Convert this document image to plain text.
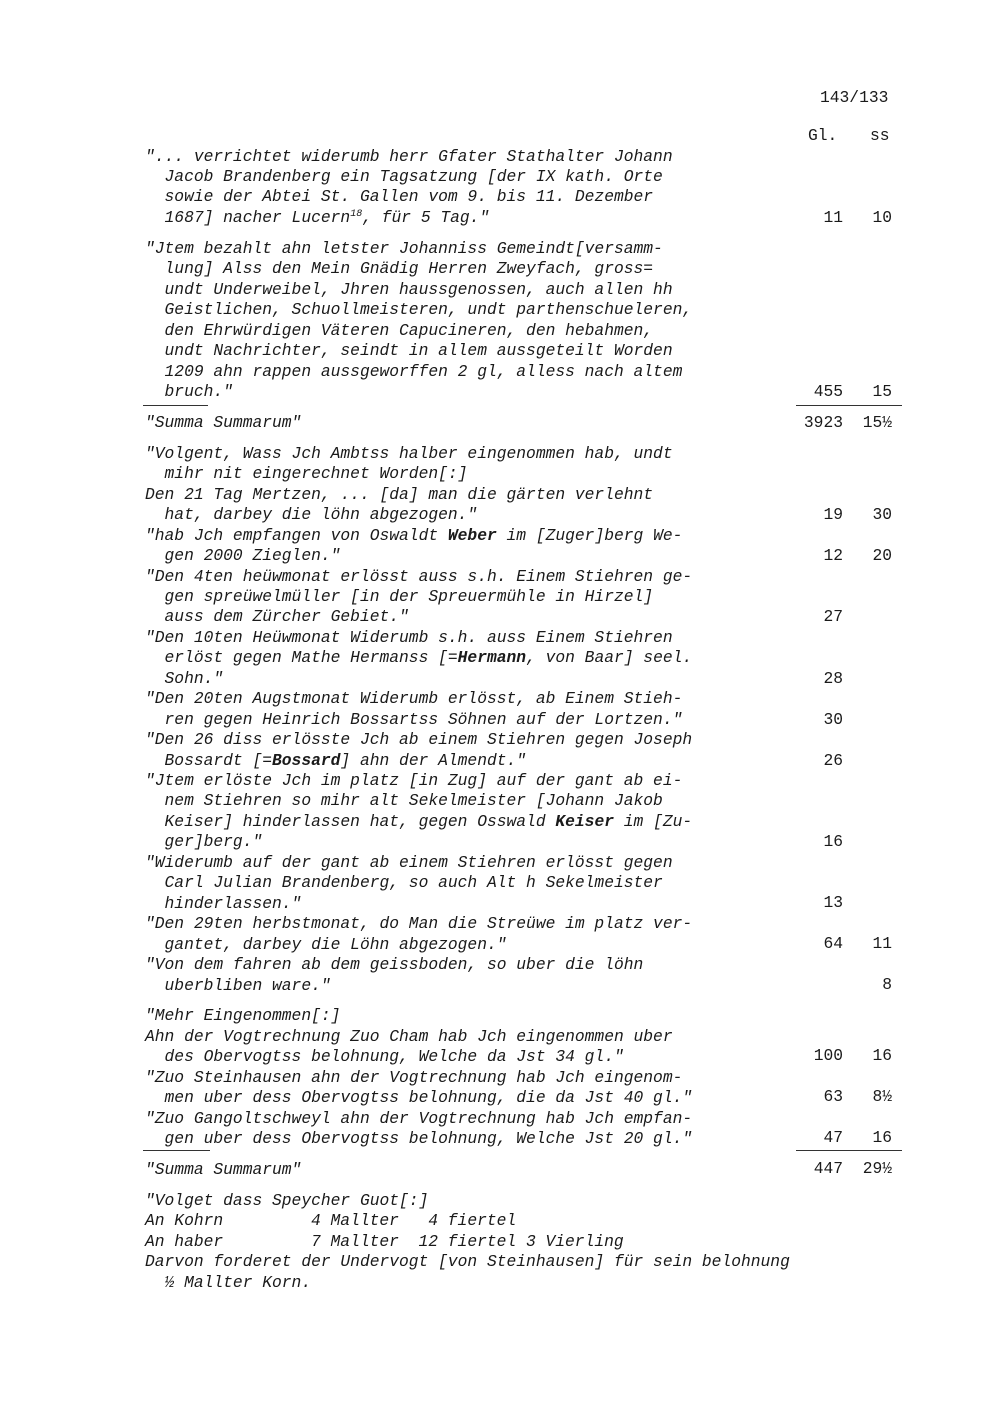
143/133
Gl. ss
"... verrichtet widerumb herr Gfater Stathalter Johann
Jacob Brandenberg ein Tagsatzung [der IX kath. Orte
sowie der Abtei St. Gallen vom 9. bis 11. Dezember
1687] nacher Lucern$^{18}$, für 5 Tag."
"Jtem bezahlt ahn letster Johanniss Gemeindt[versamm-
lung] Alss den Mein Gnädig Herren Zweyfach, gross=
undt Underweibel, Jhren haussgenossen, auch allen hh
Geistlichen, Schuollmeisteren, undt parthenschueleren,
den Ehrwürdigen Väteren Capucineren, den hebahmen,
undt Nachrichter, seindt in allem aussgeteilt Worden
1209 ahn rappen aussgeworffen 2 gl, alless nach altem
bruch."
"Summa Summarum"
"Volgent, Wass Jch Ambtss halber eingenommen hab, undt
mihr nit eingerechnet Worden[:]
Den 21 Tag Mertzen, ... [da] man die gärten verlehnt
hat, darbey die löhn abgezogen."
"hab Jch empfangen von Oswaldt Weber im [Zuger]berg We-
gen 2000 Zieglen."
"Den 4ten heüwmonat erlösst auss s.h. Einem Stiehren ge-
gen spreüwelmüller [in der Spreuermühle in Hirzel]
auss dem Zürcher Gebiet."
"Den 10ten Heüwmonat Widerumb s.h. auss Einem Stiehren
erlöst gegen Mathe Hermanss [=Hermann, von Baar] seel.
Sohn."
"Den 20ten Augstmonat Widerumb erlösst, ab Einem Stieh-
ren gegen Heinrich Bossartss Söhnen auf der Lortzen."
"Den 26 diss erlösste Jch ab einem Stiehren gegen Joseph
Bossardt [=Bossard] ahn der Almendt."
"Jtem erlöste Jch im platz [in Zug] auf der gant ab ei-
nem Stiehren so mihr alt Sekelmeister [Johann Jakob
Keiser] hinderlassen hat, gegen Osswald Keiser im [Zu-
ger]berg."
"Widerumb auf der gant ab einem Stiehren erlösst gegen
Carl Julian Brandenberg, so auch Alt h Sekelmeister
hinderlassen."
"Den 29ten herbstmonat, do Man die Streüwe im platz ver-
gantet, darbey die Löhn abgezogen."
"Von dem fahren ab dem geissboden, so uber die löhn
uberbliben ware."
"Mehr Eingenommen[:]
Ahn der Vogtrechnung Zuo Cham hab Jch eingenommen uber
des Obervogtss belohnung, Welche da Jst 34 gl."
"Zuo Steinhausen ahn der Vogtrechnung hab Jch eingenom-
men uber dess Obervogtss belohnung, die da Jst 40 gl."
"Zuo Gangoltschweyl ahn der Vogtrechnung hab Jch empfan-
gen uber dess Obervogtss belohnung, Welche Jst 20 gl."
"Summa Summarum"
"Volget dass Speycher Guot[:]
An Kohrn	4 Mallter   4 fiertel
An haber	7 Mallter  12 fiertel 3 Vierling
Darvon forderet der Undervogt [von Steinhausen] für sein belohnung
½ Mallter Korn.
11 10
455 15
3923 15½
19 30
12 20
27
28
30
26
16
13
64 11
8
100 16
63 8½
47 16
447 29½
